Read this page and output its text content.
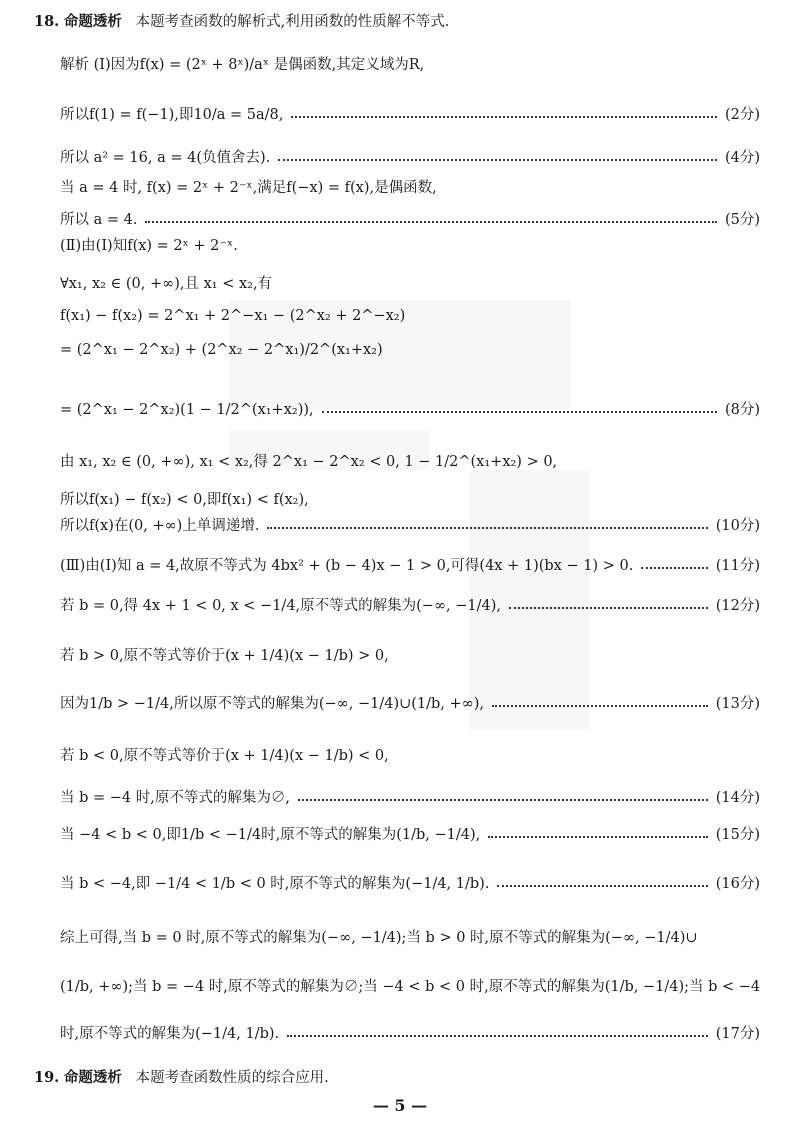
18.
命题透析
本题考查函数的解析式,利用函数的性质解不等式.
解析 (Ⅰ)因为f(x) = (2ˣ + 8ˣ)/aˣ 是偶函数,其定义域为R,
所以f(1) = f(−1),即10/a = 5a/8,	(2分)
所以 a² = 16, a = 4(负值舍去).	(4分)
当 a = 4 时, f(x) = 2ˣ + 2⁻ˣ,满足f(−x) = f(x),是偶函数,
所以 a = 4.	(5分)
(Ⅱ)由(Ⅰ)知f(x) = 2ˣ + 2⁻ˣ.
∀x₁, x₂ ∈ (0, +∞),且 x₁ < x₂,有
f(x₁) − f(x₂) = 2^x₁ + 2^−x₁ − (2^x₂ + 2^−x₂)
= (2^x₁ − 2^x₂) + (2^x₂ − 2^x₁)/2^(x₁+x₂)
= (2^x₁ − 2^x₂)(1 − 1/2^(x₁+x₂)),	(8分)
由 x₁, x₂ ∈ (0, +∞), x₁ < x₂,得 2^x₁ − 2^x₂ < 0, 1 − 1/2^(x₁+x₂) > 0,
所以f(x₁) − f(x₂) < 0,即f(x₁) < f(x₂),
所以f(x)在(0, +∞)上单调递增.	(10分)
(Ⅲ)由(Ⅰ)知 a = 4,故原不等式为 4bx² + (b − 4)x − 1 > 0,可得(4x + 1)(bx − 1) > 0.	(11分)
若 b = 0,得 4x + 1 < 0, x < −1/4,原不等式的解集为(−∞, −1/4),	(12分)
若 b > 0,原不等式等价于(x + 1/4)(x − 1/b) > 0,
因为1/b > −1/4,所以原不等式的解集为(−∞, −1/4)∪(1/b, +∞),	(13分)
若 b < 0,原不等式等价于(x + 1/4)(x − 1/b) < 0,
当 b = −4 时,原不等式的解集为∅,	(14分)
当 −4 < b < 0,即1/b < −1/4时,原不等式的解集为(1/b, −1/4),	(15分)
当 b < −4,即 −1/4 < 1/b < 0 时,原不等式的解集为(−1/4, 1/b).	(16分)
综上可得,当 b = 0 时,原不等式的解集为(−∞, −1/4);当 b > 0 时,原不等式的解集为(−∞, −1/4)∪
(1/b, +∞);当 b = −4 时,原不等式的解集为∅;当 −4 < b < 0 时,原不等式的解集为(1/b, −1/4);当 b < −4
时,原不等式的解集为(−1/4, 1/b).	(17分)
19.
命题透析
本题考查函数性质的综合应用.
— 5 —
